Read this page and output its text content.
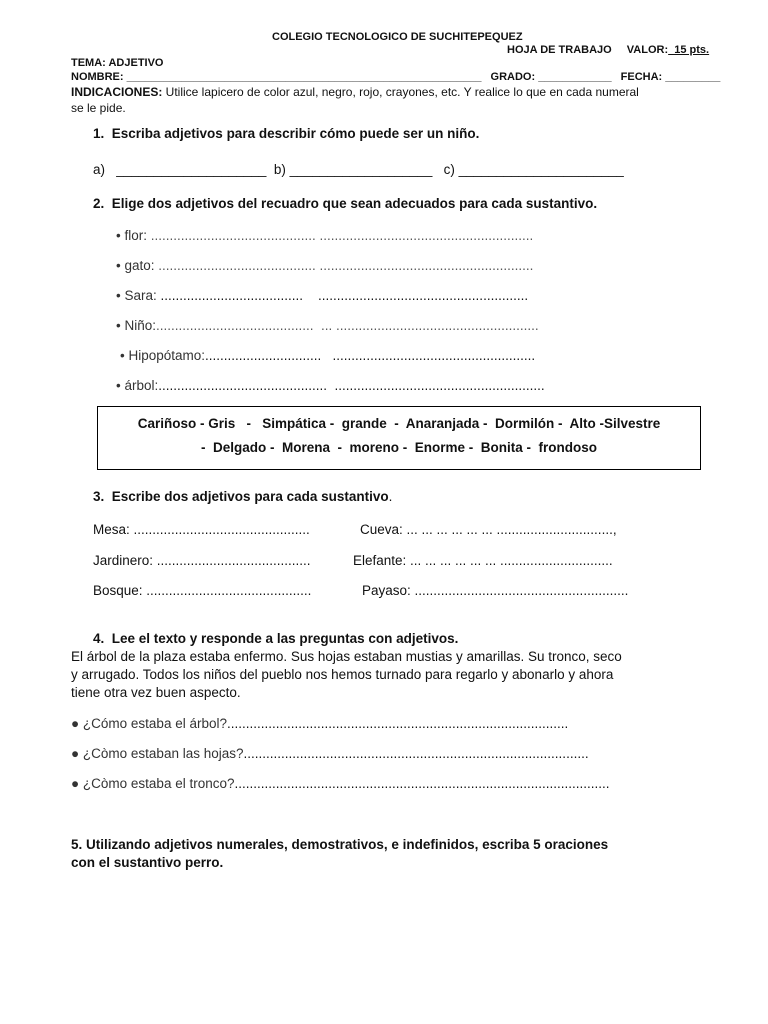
COLEGIO TECNOLOGICO DE SUCHITEPEQUEZ
HOJA DE TRABAJO VALOR:  15 pts.
TEMA: ADJETIVO
NOMBRE: __________________________________________________________ GRADO: ____________ FECHA: _________
INDICACIONES: Utilice lapicero de color azul, negro, rojo, crayones, etc. Y realice lo que en cada numeral
se le pide.
1.  Escriba adjetivos para describir cómo puede ser un niño.
a)   ____________________  b) ___________________   c) ______________________
2.  Elige dos adjetivos del recuadro que sean adecuados para cada sustantivo.
• flor: ............................................ .........................................................
• gato: .......................................... .........................................................
• Sara: ......................................    ........................................................
• Niño:..........................................  ... ......................................................
• Hipopótamo:...............................   ......................................................
• árbol:.............................................  ........................................................
Cariñoso - Gris   -   Simpática -  grande  -  Anaranjada -  Dormilón -  Alto -Silvestre
-  Delgado -  Morena  -  moreno -  Enorme -  Bonita -  frondoso
3.  Escribe dos adjetivos para cada sustantivo.
Mesa: ...............................................	Cueva: ... ... ... ... ... ... ...............................,
Jardinero: .........................................	Elefante: ... ... ... ... ... ... ..............................
Bosque: ............................................	Payaso: .........................................................
4.  Lee el texto y responde a las preguntas con adjetivos.
El árbol de la plaza estaba enfermo. Sus hojas estaban mustias y amarillas. Su tronco, seco
y arrugado. Todos los niños del pueblo nos hemos turnado para regarlo y abonarlo y ahora
tiene otra vez buen aspecto.
● ¿Cómo estaba el árbol?...........................................................................................
● ¿Còmo estaban las hojas?............................................................................................
● ¿Còmo estaba el tronco?....................................................................................................
5. Utilizando adjetivos numerales, demostrativos, e indefinidos, escriba 5 oraciones
con el sustantivo perro.
